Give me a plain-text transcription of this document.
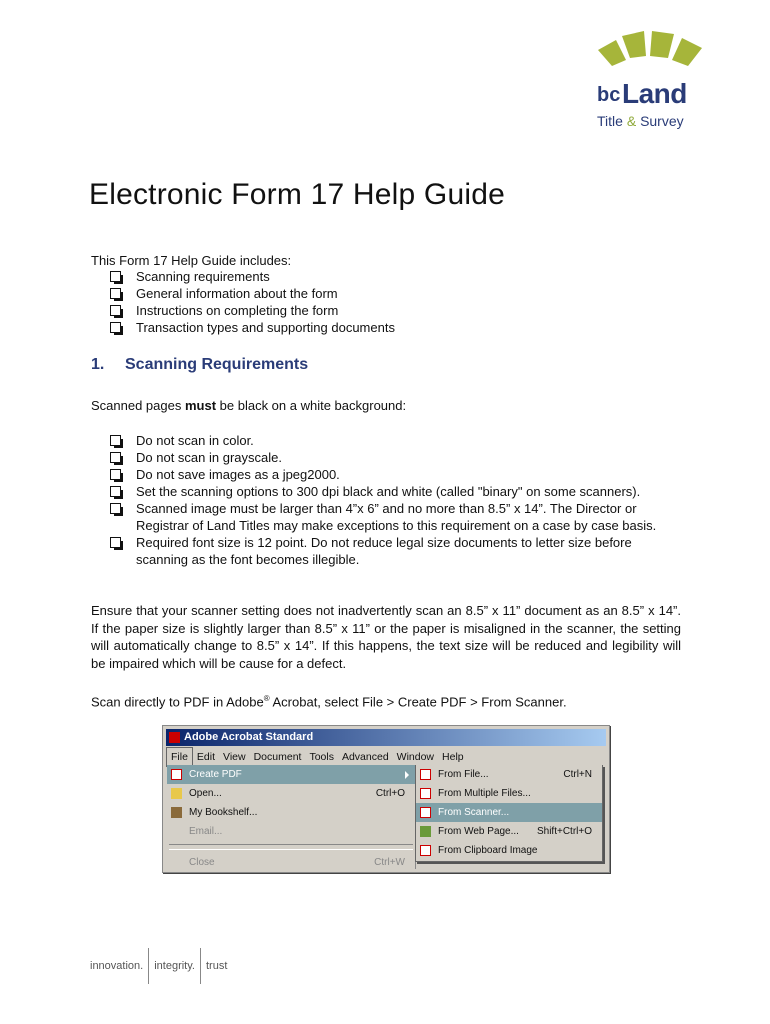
bc Land
Title & Survey
Electronic Form 17 Help Guide
This Form 17 Help Guide includes:
Scanning requirements
General information about the form
Instructions on completing the form
Transaction types and supporting documents
1. Scanning Requirements
Scanned pages must be black on a white background:
Do not scan in color.
Do not scan in grayscale.
Do not save images as a jpeg2000.
Set the scanning options to 300 dpi black and white (called "binary" on some scanners).
Scanned image must be larger than 4”x 6” and no more than 8.5” x 14”. The Director or Registrar of Land Titles may make exceptions to this requirement on a case by case basis.
Required font size is 12 point. Do not reduce legal size documents to letter size before scanning as the font becomes illegible.
Ensure that your scanner setting does not inadvertently scan an 8.5” x 11” document as an 8.5” x 14”. If the paper size is slightly larger than 8.5” x 11” or the paper is misaligned in the scanner, the setting will automatically change to 8.5” x 14”. If this happens, the text size will be reduced and legibility will be impaired which will be cause for a defect.
Scan directly to PDF in Adobe® Acrobat, select File > Create PDF > From Scanner.
Adobe Acrobat Standard
File Edit View Document Tools Advanced Window Help
Create PDF
Open...	Ctrl+O
My Bookshelf...
Email...
Close	Ctrl+W
From File...	Ctrl+N
From Multiple Files...
From Scanner...
From Web Page... Shift+Ctrl+O
From Clipboard Image
innovation. integrity. trust
